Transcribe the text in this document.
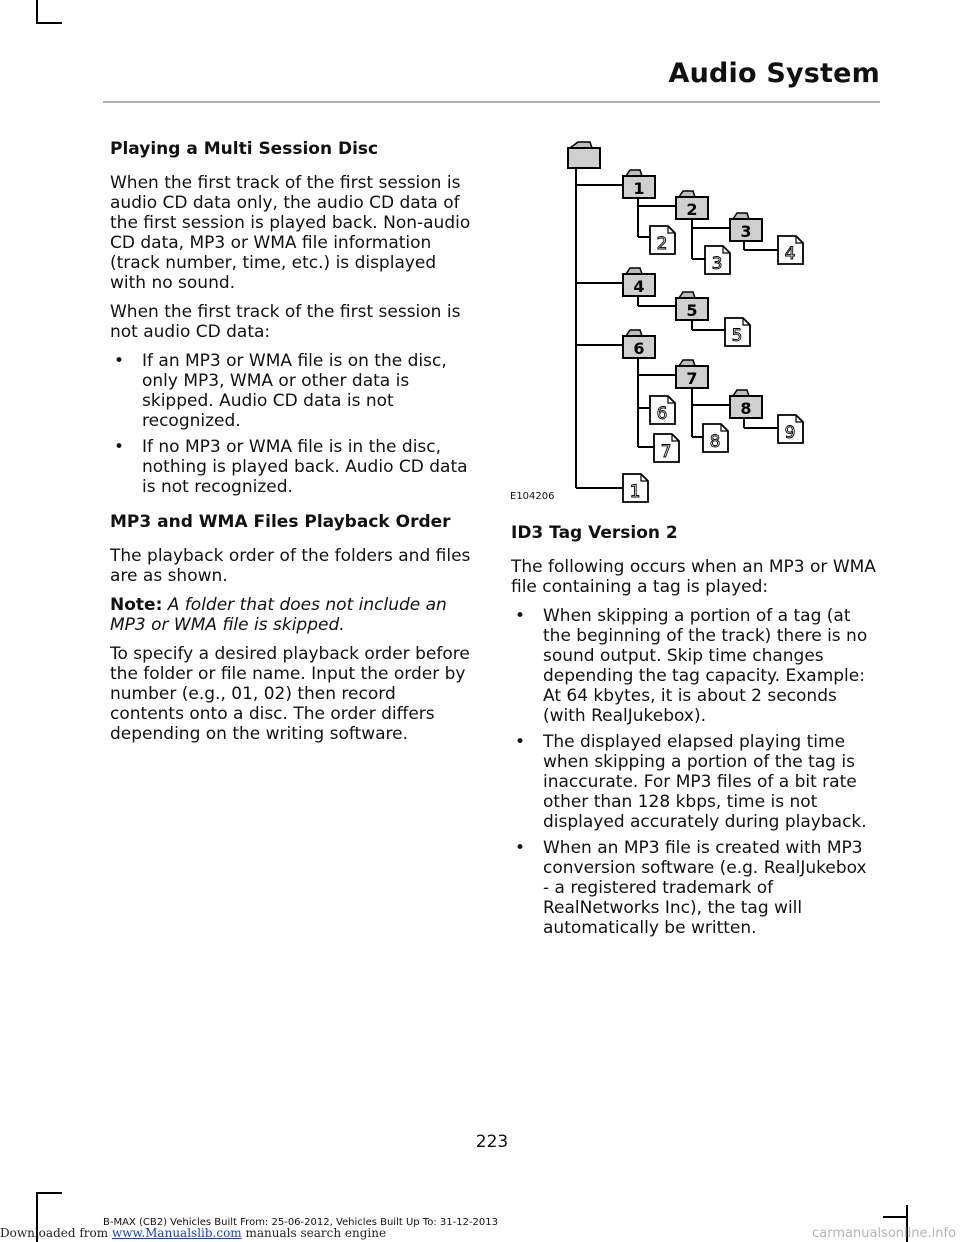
Audio System
Playing a Multi Session Disc

When the first track of the first session is audio CD data only, the audio CD data of the first session is played back. Non-audio CD data, MP3 or WMA file information (track number, time, etc.) is displayed with no sound.

When the first track of the first session is not audio CD data:

• If an MP3 or WMA file is on the disc, only MP3, WMA or other data is skipped. Audio CD data is not recognized.
• If no MP3 or WMA file is in the disc, nothing is played back. Audio CD data is not recognized.
MP3 and WMA Files Playback Order

The playback order of the folders and files are as shown.

Note: A folder that does not include an MP3 or WMA file is skipped.

To specify a desired playback order before the folder or file name. Input the order by number (e.g., 01, 02) then record contents onto a disc. The order differs depending on the writing software.

1
2
3
4
5
6
7
8
2
3	4
5
6
7 8	9
1
E104206
ID3 Tag Version 2

The following occurs when an MP3 or WMA file containing a tag is played:

• When skipping a portion of a tag (at the beginning of the track) there is no sound output. Skip time changes depending the tag capacity. Example: At 64 kbytes, it is about 2 seconds (with RealJukebox).
• The displayed elapsed playing time when skipping a portion of the tag is inaccurate. For MP3 files of a bit rate other than 128 kbps, time is not displayed accurately during playback.
• When an MP3 file is created with MP3 conversion software (e.g. RealJukebox - a registered trademark of RealNetworks Inc), the tag will automatically be written.
223
B-MAX (CB2) Vehicles Built From: 25-06-2012, Vehicles Built Up To: 31-12-2013
Downloaded from www.Manualslib.com manuals search engine	carmanualsonline.info
